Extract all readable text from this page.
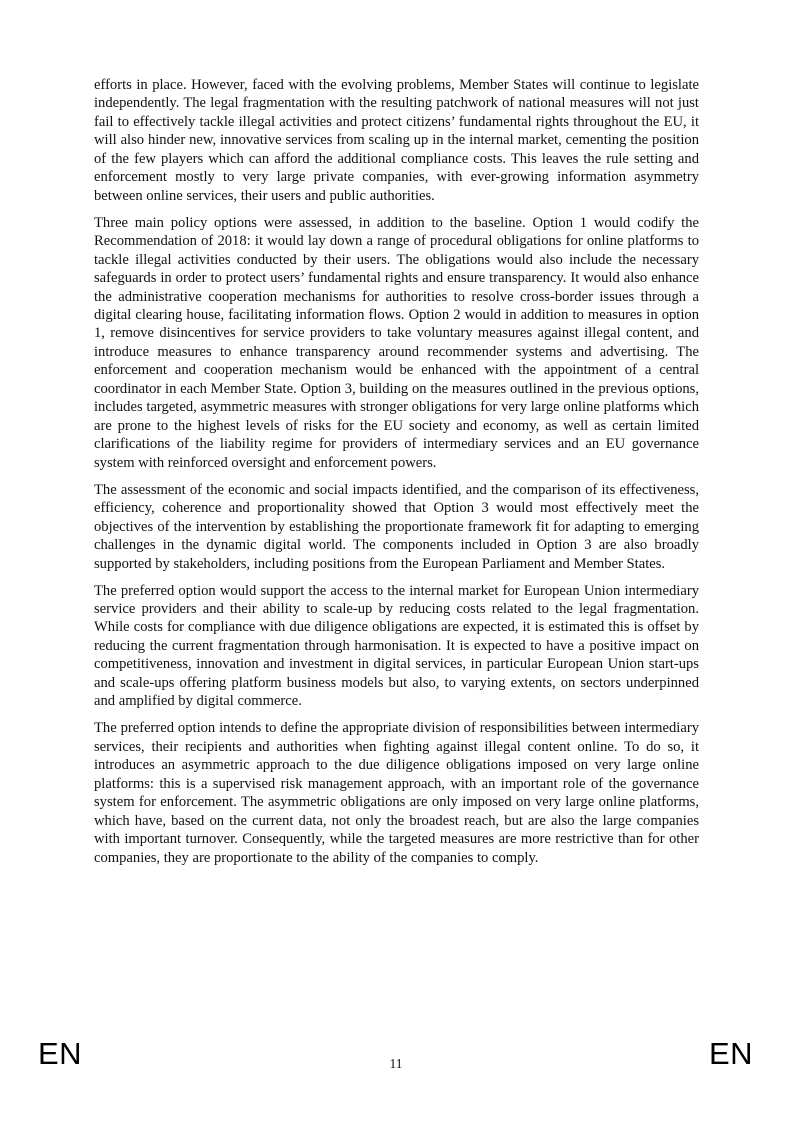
efforts in place. However, faced with the evolving problems, Member States will continue to legislate independently. The legal fragmentation with the resulting patchwork of national measures will not just fail to effectively tackle illegal activities and protect citizens’ fundamental rights throughout the EU, it will also hinder new, innovative services from scaling up in the internal market, cementing the position of the few players which can afford the additional compliance costs. This leaves the rule setting and enforcement mostly to very large private companies, with ever-growing information asymmetry between online services, their users and public authorities.

Three main policy options were assessed, in addition to the baseline. Option 1 would codify the Recommendation of 2018: it would lay down a range of procedural obligations for online platforms to tackle illegal activities conducted by their users. The obligations would also include the necessary safeguards in order to protect users’ fundamental rights and ensure transparency. It would also enhance the administrative cooperation mechanisms for authorities to resolve cross-border issues through a digital clearing house, facilitating information flows. Option 2 would in addition to measures in option 1, remove disincentives for service providers to take voluntary measures against illegal content, and introduce measures to enhance transparency around recommender systems and advertising. The enforcement and cooperation mechanism would be enhanced with the appointment of a central coordinator in each Member State. Option 3, building on the measures outlined in the previous options, includes targeted, asymmetric measures with stronger obligations for very large online platforms which are prone to the highest levels of risks for the EU society and economy, as well as certain limited clarifications of the liability regime for providers of intermediary services and an EU governance system with reinforced oversight and enforcement powers.

The assessment of the economic and social impacts identified, and the comparison of its effectiveness, efficiency, coherence and proportionality showed that Option 3 would most effectively meet the objectives of the intervention by establishing the proportionate framework fit for adapting to emerging challenges in the dynamic digital world. The components included in Option 3 are also broadly supported by stakeholders, including positions from the European Parliament and Member States.

The preferred option would support the access to the internal market for European Union intermediary service providers and their ability to scale-up by reducing costs related to the legal fragmentation. While costs for compliance with due diligence obligations are expected, it is estimated this is offset by reducing the current fragmentation through harmonisation. It is expected to have a positive impact on competitiveness, innovation and investment in digital services, in particular European Union start-ups and scale-ups offering platform business models but also, to varying extents, on sectors underpinned and amplified by digital commerce.

The preferred option intends to define the appropriate division of responsibilities between intermediary services, their recipients and authorities when fighting against illegal content online. To do so, it introduces an asymmetric approach to the due diligence obligations imposed on very large online platforms: this is a supervised risk management approach, with an important role of the governance system for enforcement. The asymmetric obligations are only imposed on very large online platforms, which have, based on the current data, not only the broadest reach, but are also the large companies with important turnover. Consequently, while the targeted measures are more restrictive than for other companies, they are proportionate to the ability of the companies to comply.

EN	11	EN
